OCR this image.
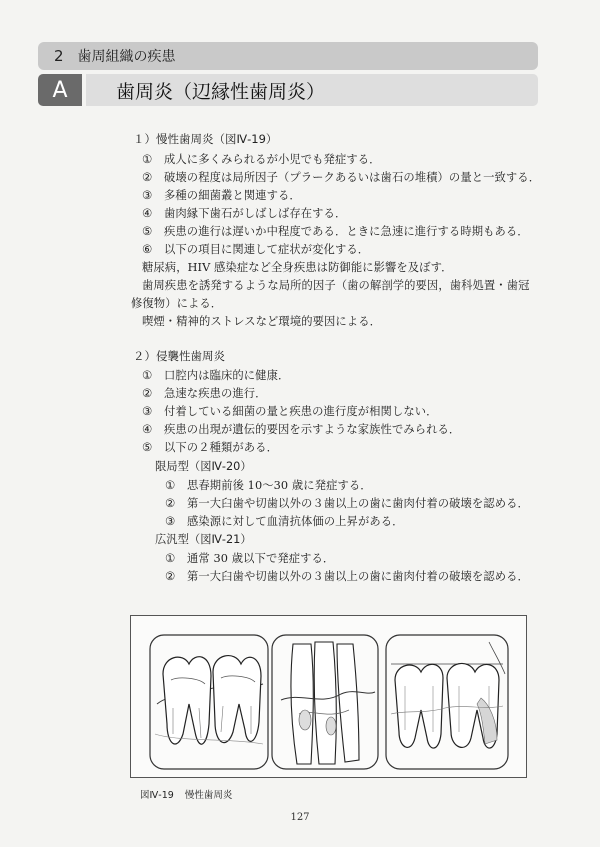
2 歯周組織の疾患
A	歯周炎（辺縁性歯周炎）
１）慢性歯周炎（図Ⅳ-19）
① 成人に多くみられるが小児でも発症する．
② 破壊の程度は局所因子（プラークあるいは歯石の堆積）の量と一致する．
③ 多種の細菌叢と関連する．
④ 歯肉縁下歯石がしばしば存在する．
⑤ 疾患の進行は遅いか中程度である．ときに急速に進行する時期もある．
⑥ 以下の項目に関連して症状が変化する．
糖尿病，HIV 感染症など全身疾患は防御能に影響を及ぼす．
歯周疾患を誘発するような局所的因子（歯の解剖学的要因，歯科処置・歯冠
修復物）による．
喫煙・精神的ストレスなど環境的要因による．
２）侵襲性歯周炎
① 口腔内は臨床的に健康．
② 急速な疾患の進行．
③ 付着している細菌の量と疾患の進行度が相関しない．
④ 疾患の出現が遺伝的要因を示すような家族性でみられる．
⑤ 以下の２種類がある．
限局型（図Ⅳ-20）
① 思春期前後 10〜30 歳に発症する．
② 第一大臼歯や切歯以外の３歯以上の歯に歯肉付着の破壊を認める．
③ 感染源に対して血清抗体価の上昇がある．
広汎型（図Ⅳ-21）
① 通常 30 歳以下で発症する．
② 第一大臼歯や切歯以外の３歯以上の歯に歯肉付着の破壊を認める．
図Ⅳ-19 慢性歯周炎
127
